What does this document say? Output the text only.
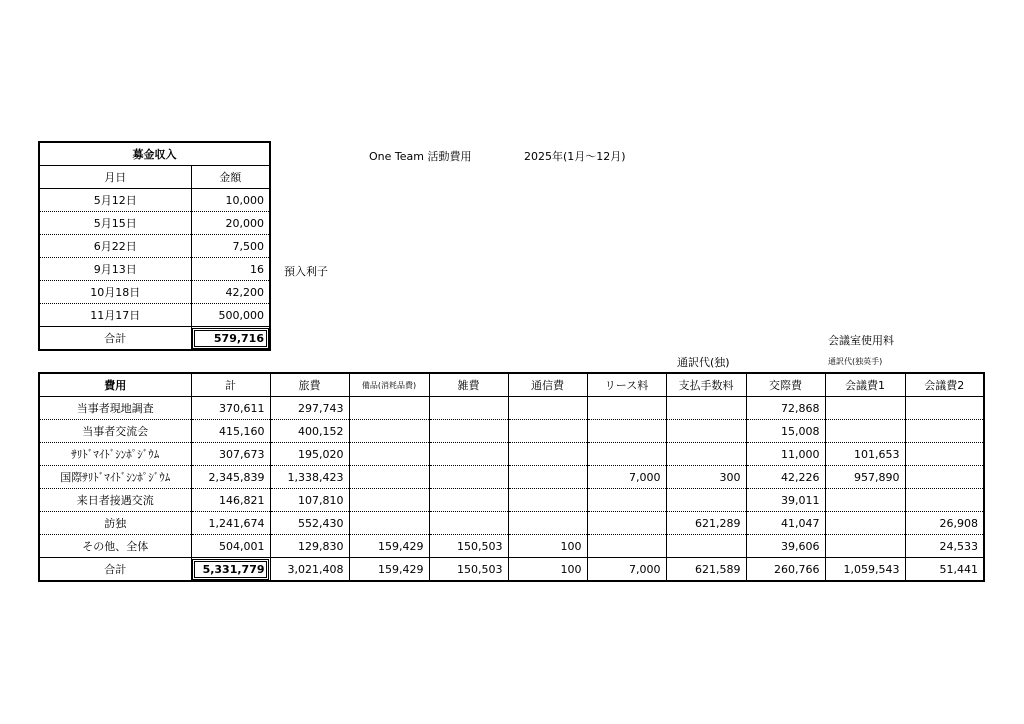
One Team 活動費用	2025年(1月〜12月)
募金収入	
月日	金額
5月12日	10,000
5月15日	20,000
6月22日	7,500
9月13日	16
10月18日	42,200
11月17日	500,000
合計	579,716
預入利子
会議室使用料
通訳代(独)	通訳代(独英手)
費用	計	旅費	備品(消耗品費)	雑費	通信費	リース料	支払手数料	交際費	会議費1	会議費2
当事者現地調査	370,611	297,743						72,868		
当事者交流会	415,160	400,152						15,008		
ｻﾘﾄﾞﾏｲﾄﾞｼﾝﾎﾟｼﾞｳﾑ	307,673	195,020						11,000	101,653	
国際ｻﾘﾄﾞﾏｲﾄﾞｼﾝﾎﾟｼﾞｳﾑ	2,345,839	1,338,423				7,000	300	42,226	957,890	
来日者接遇交流	146,821	107,810						39,011		
訪独	1,241,674	552,430					621,289	41,047		26,908
その他、全体	504,001	129,830	159,429	150,503	100			39,606		24,533
合計	5,331,779	3,021,408	159,429	150,503	100	7,000	621,589	260,766	1,059,543	51,441
